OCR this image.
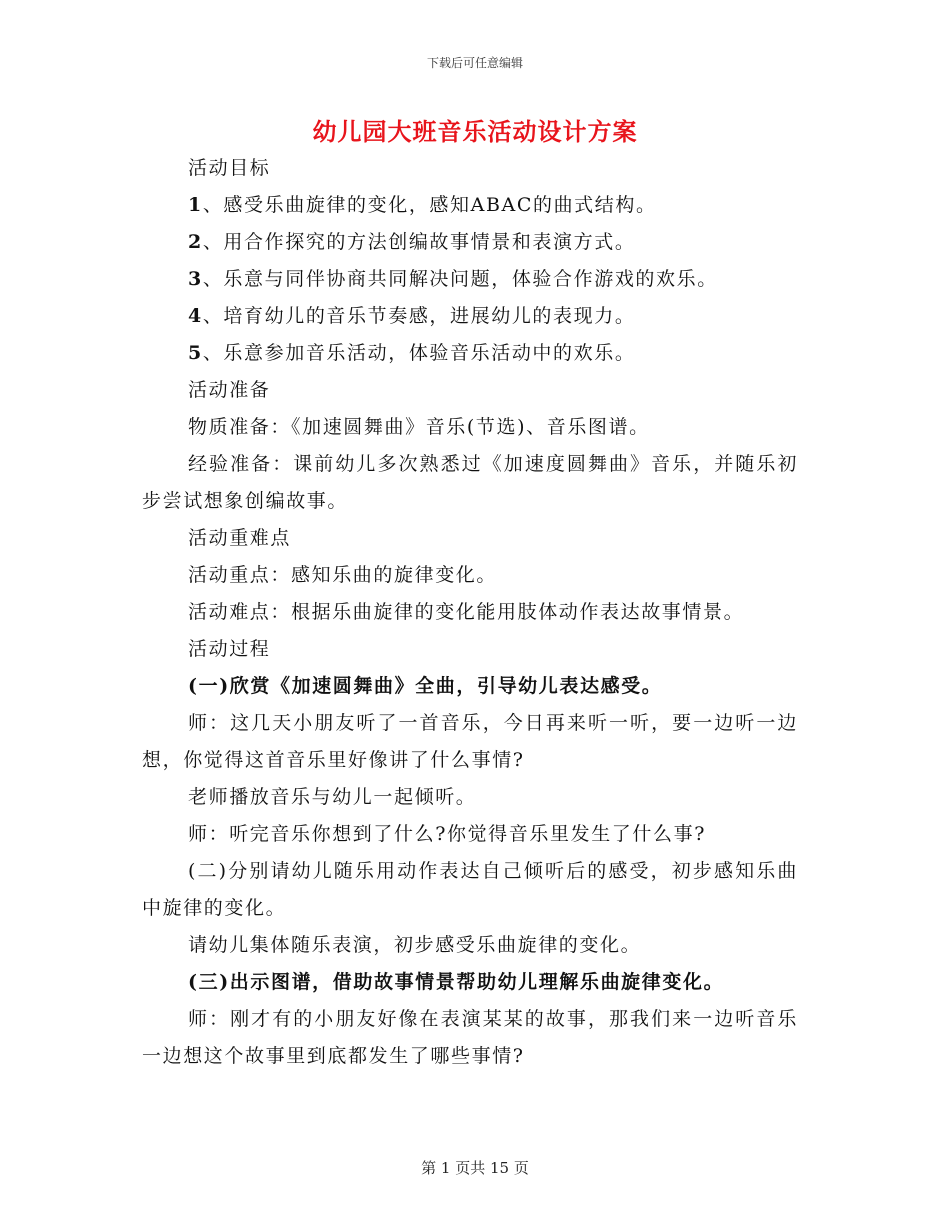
下载后可任意编辑
幼儿园大班音乐活动设计方案

活动目标

1、感受乐曲旋律的变化，感知ABAC的曲式结构。

2、用合作探究的方法创编故事情景和表演方式。

3、乐意与同伴协商共同解决问题，体验合作游戏的欢乐。

4、培育幼儿的音乐节奏感，进展幼儿的表现力。

5、乐意参加音乐活动，体验音乐活动中的欢乐。

活动准备

物质准备：《加速圆舞曲》音乐(节选)、音乐图谱。

经验准备：课前幼儿多次熟悉过《加速度圆舞曲》音乐，并随乐初步尝试想象创编故事。

活动重难点

活动重点：感知乐曲的旋律变化。

活动难点：根据乐曲旋律的变化能用肢体动作表达故事情景。

活动过程

(一)欣赏《加速圆舞曲》全曲，引导幼儿表达感受。

师：这几天小朋友听了一首音乐，今日再来听一听，要一边听一边想，你觉得这首音乐里好像讲了什么事情?

老师播放音乐与幼儿一起倾听。

师：听完音乐你想到了什么?你觉得音乐里发生了什么事?

(二)分别请幼儿随乐用动作表达自己倾听后的感受，初步感知乐曲中旋律的变化。

请幼儿集体随乐表演，初步感受乐曲旋律的变化。

(三)出示图谱，借助故事情景帮助幼儿理解乐曲旋律变化。

师：刚才有的小朋友好像在表演某某的故事，那我们来一边听音乐一边想这个故事里到底都发生了哪些事情?

第 1 页共 15 页
